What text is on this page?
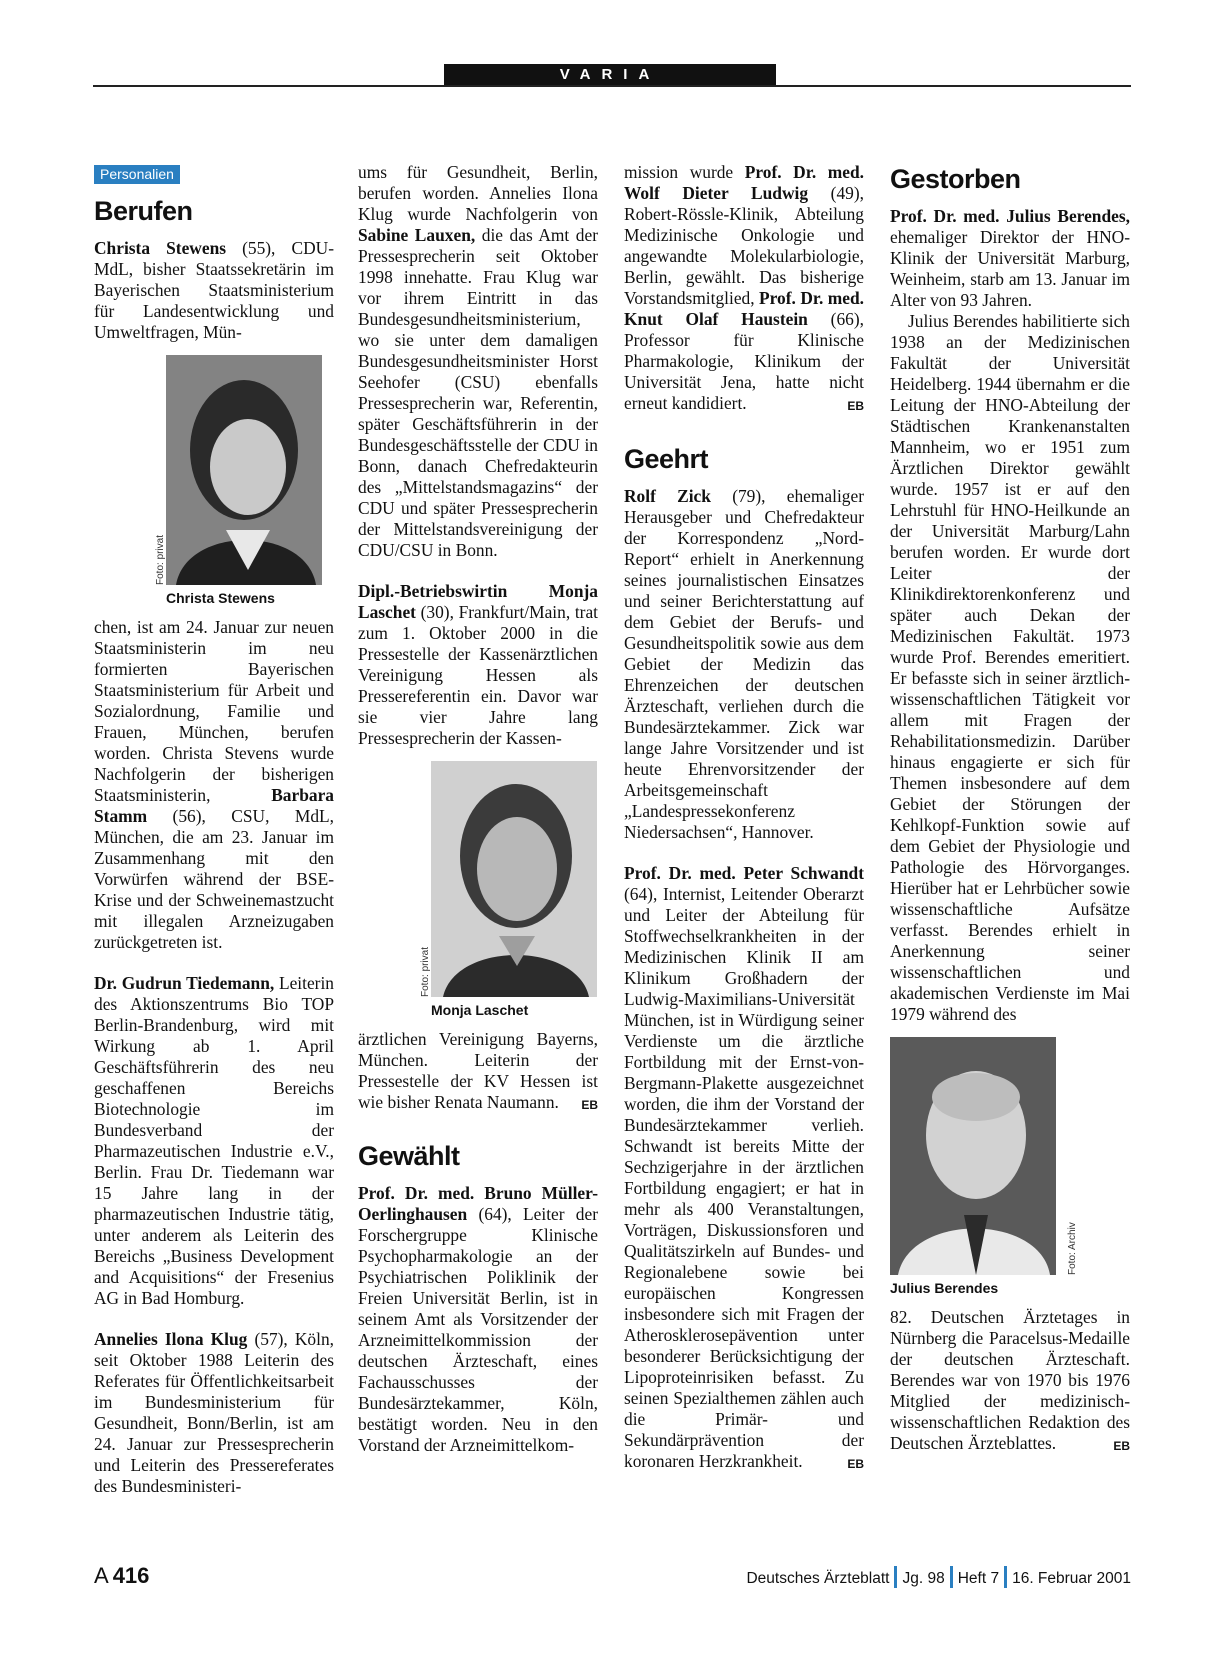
VARIA
Personalien
Berufen

Christa Stewens (55), CDU-MdL, bisher Staatssekretärin im Bayerischen Staatsministerium für Landesentwicklung und Umweltfragen, Mün-

Foto: privat
Christa Stewens

chen, ist am 24. Januar zur neuen Staatsministerin im neu formierten Bayerischen Staatsministerium für Arbeit und Sozialordnung, Familie und Frauen, München, berufen worden. Christa Stevens wurde Nachfolgerin der bisherigen Staatsministerin, Barbara Stamm (56), CSU, MdL, München, die am 23. Januar im Zusammenhang mit den Vorwürfen während der BSE-Krise und der Schweinemastzucht mit illegalen Arzneizugaben zurückgetreten ist.

Dr. Gudrun Tiedemann, Leiterin des Aktionszentrums Bio TOP Berlin-Brandenburg, wird mit Wirkung ab 1. April Geschäftsführerin des neu geschaffenen Bereichs Biotechnologie im Bundesverband der Pharmazeutischen Industrie e.V., Berlin. Frau Dr. Tiedemann war 15 Jahre lang in der pharmazeutischen Industrie tätig, unter anderem als Leiterin des Bereichs „Business Development and Acquisitions“ der Fresenius AG in Bad Homburg.

Annelies Ilona Klug (57), Köln, seit Oktober 1988 Leiterin des Referates für Öffentlichkeitsarbeit im Bundesministerium für Gesundheit, Bonn/Berlin, ist am 24. Januar zur Pressesprecherin und Leiterin des Pressereferates des Bundesministeri-

ums für Gesundheit, Berlin, berufen worden. Annelies Ilona Klug wurde Nachfolgerin von Sabine Lauxen, die das Amt der Pressesprecherin seit Oktober 1998 innehatte. Frau Klug war vor ihrem Eintritt in das Bundesgesundheitsministerium, wo sie unter dem damaligen Bundesgesundheitsminister Horst Seehofer (CSU) ebenfalls Pressesprecherin war, Referentin, später Geschäftsführerin in der Bundesgeschäftsstelle der CDU in Bonn, danach Chefredakteurin des „Mittelstandsmagazins“ der CDU und später Pressesprecherin der Mittelstandsvereinigung der CDU/CSU in Bonn.

Dipl.-Betriebswirtin Monja Laschet (30), Frankfurt/Main, trat zum 1. Oktober 2000 in die Pressestelle der Kassenärztlichen Vereinigung Hessen als Pressereferentin ein. Davor war sie vier Jahre lang Pressesprecherin der Kassen-

Foto: privat
Monja Laschet

ärztlichen Vereinigung Bayerns, München. Leiterin der Pressestelle der KV Hessen ist wie bisher Renata Naumann. EB

Gewählt

Prof. Dr. med. Bruno Müller-Oerlinghausen (64), Leiter der Forschergruppe Klinische Psychopharmakologie an der Psychiatrischen Poliklinik der Freien Universität Berlin, ist in seinem Amt als Vorsitzender der Arzneimittelkommission der deutschen Ärzteschaft, eines Fachausschusses der Bundesärztekammer, Köln, bestätigt worden. Neu in den Vorstand der Arzneimittelkom-

mission wurde Prof. Dr. med. Wolf Dieter Ludwig (49), Robert-Rössle-Klinik, Abteilung Medizinische Onkologie und angewandte Molekularbiologie, Berlin, gewählt. Das bisherige Vorstandsmitglied, Prof. Dr. med. Knut Olaf Haustein (66), Professor für Klinische Pharmakologie, Klinikum der Universität Jena, hatte nicht erneut kandidiert.	EB

Geehrt

Rolf Zick (79), ehemaliger Herausgeber und Chefredakteur der Korrespondenz „Nord-Report“ erhielt in Anerkennung seines journalistischen Einsatzes und seiner Berichterstattung auf dem Gebiet der Berufs- und Gesundheitspolitik sowie aus dem Gebiet der Medizin das Ehrenzeichen der deutschen Ärzteschaft, verliehen durch die Bundesärztekammer. Zick war lange Jahre Vorsitzender und ist heute Ehrenvorsitzender der Arbeitsgemeinschaft „Landespressekonferenz Niedersachsen“, Hannover.

Prof. Dr. med. Peter Schwandt (64), Internist, Leitender Oberarzt und Leiter der Abteilung für Stoffwechselkrankheiten in der Medizinischen Klinik II am Klinikum Großhadern der Ludwig-Maximilians-Universität München, ist in Würdigung seiner Verdienste um die ärztliche Fortbildung mit der Ernst-von-Bergmann-Plakette ausgezeichnet worden, die ihm der Vorstand der Bundesärztekammer verlieh. Schwandt ist bereits Mitte der Sechzigerjahre in der ärztlichen Fortbildung engagiert; er hat in mehr als 400 Veranstaltungen, Vorträgen, Diskussionsforen und Qualitätszirkeln auf Bundes- und Regionalebene sowie bei europäischen Kongressen insbesondere sich mit Fragen der Atherosklerosepävention unter besonderer Berücksichtigung der Lipoproteinrisiken befasst. Zu seinen Spezialthemen zählen auch die Primär- und Sekundärprävention der koronaren Herzkrankheit.	EB

Gestorben

Prof. Dr. med. Julius Berendes, ehemaliger Direktor der HNO-Klinik der Universität Marburg, Weinheim, starb am 13. Januar im Alter von 93 Jahren.

Julius Berendes habilitierte sich 1938 an der Medizinischen Fakultät der Universität Heidelberg. 1944 übernahm er die Leitung der HNO-Abteilung der Städtischen Krankenanstalten Mannheim, wo er 1951 zum Ärztlichen Direktor gewählt wurde. 1957 ist er auf den Lehrstuhl für HNO-Heilkunde an der Universität Marburg/Lahn berufen worden. Er wurde dort Leiter der Klinikdirektorenkonferenz und später auch Dekan der Medizinischen Fakultät. 1973 wurde Prof. Berendes emeritiert. Er befasste sich in seiner ärztlich-wissenschaftlichen Tätigkeit vor allem mit Fragen der Rehabilitationsmedizin. Darüber hinaus engagierte er sich für Themen insbesondere auf dem Gebiet der Störungen der Kehlkopf-Funktion sowie auf dem Gebiet der Physiologie und Pathologie des Hörvorganges. Hierüber hat er Lehrbücher sowie wissenschaftliche Aufsätze verfasst. Berendes erhielt in Anerkennung seiner wissenschaftlichen und akademischen Verdienste im Mai 1979 während des

Foto: Archiv
Julius Berendes

82. Deutschen Ärztetages in Nürnberg die Paracelsus-Medaille der deutschen Ärzteschaft. Berendes war von 1970 bis 1976 Mitglied der medizinisch-wissenschaftlichen Redaktion des Deutschen Ärzteblattes.	EB

A 416	Deutsches Ärzteblatt Jg. 98 Heft 7 16. Februar 2001
